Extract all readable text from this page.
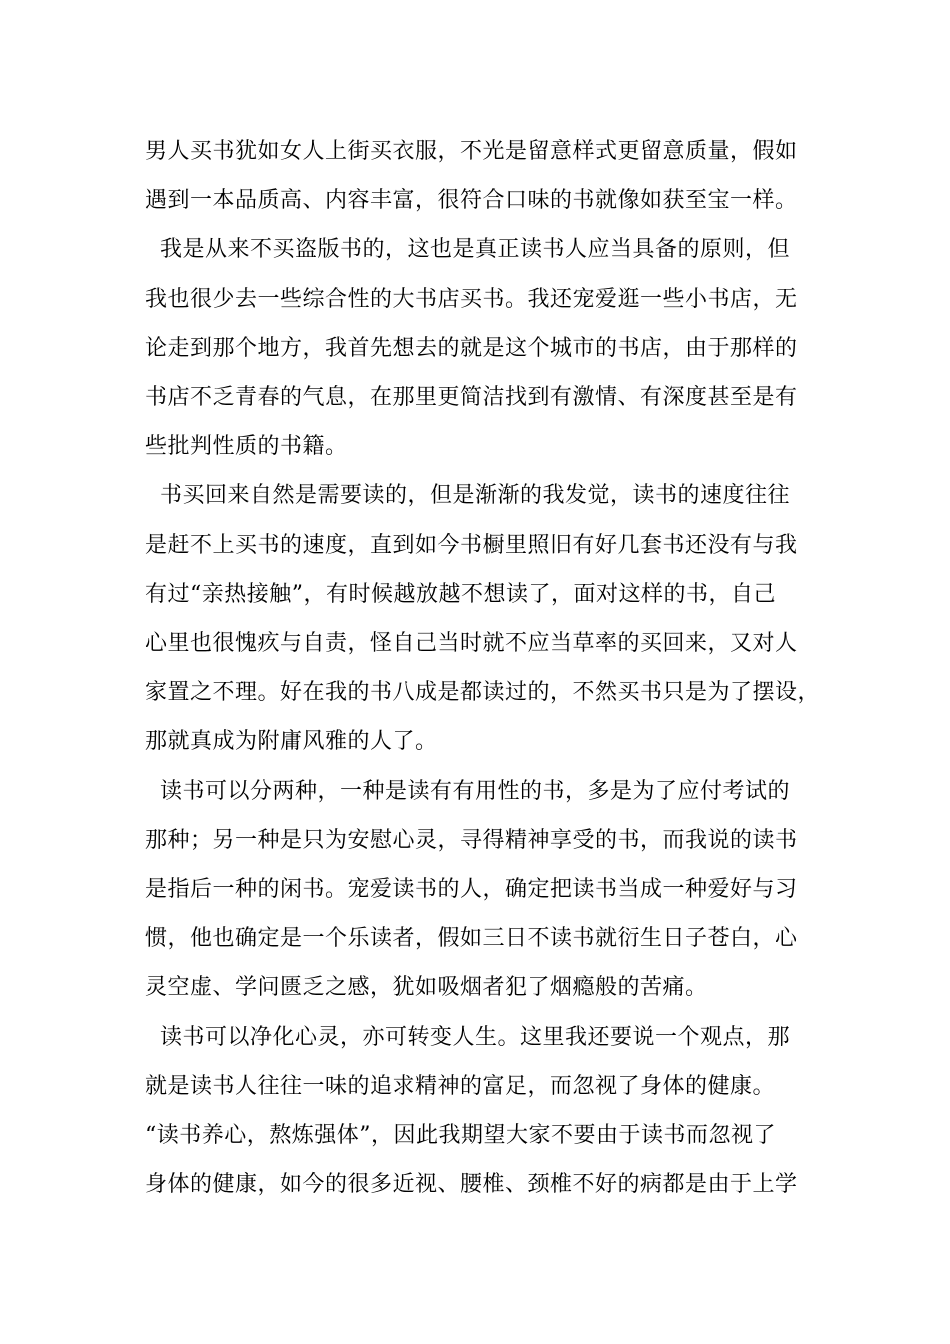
男人买书犹如女人上街买衣服，不光是留意样式更留意质量，假如
遇到一本品质高、内容丰富，很符合口味的书就像如获至宝一样。

我是从来不买盗版书的，这也是真正读书人应当具备的原则，但
我也很少去一些综合性的大书店买书。我还宠爱逛一些小书店，无
论走到那个地方，我首先想去的就是这个城市的书店，由于那样的
书店不乏青春的气息，在那里更简洁找到有激情、有深度甚至是有
些批判性质的书籍。

书买回来自然是需要读的，但是渐渐的我发觉，读书的速度往往
是赶不上买书的速度，直到如今书橱里照旧有好几套书还没有与我
有过“亲热接触”，有时候越放越不想读了，面对这样的书，自己
心里也很愧疚与自责，怪自己当时就不应当草率的买回来，又对人
家置之不理。好在我的书八成是都读过的，不然买书只是为了摆设，
那就真成为附庸风雅的人了。

读书可以分两种，一种是读有有用性的书，多是为了应付考试的
那种；另一种是只为安慰心灵，寻得精神享受的书，而我说的读书
是指后一种的闲书。宠爱读书的人，确定把读书当成一种爱好与习
惯，他也确定是一个乐读者，假如三日不读书就衍生日子苍白，心
灵空虚、学问匮乏之感，犹如吸烟者犯了烟瘾般的苦痛。

读书可以净化心灵，亦可转变人生。这里我还要说一个观点，那
就是读书人往往一味的追求精神的富足，而忽视了身体的健康。
“读书养心，熬炼强体”，因此我期望大家不要由于读书而忽视了
身体的健康，如今的很多近视、腰椎、颈椎不好的病都是由于上学
